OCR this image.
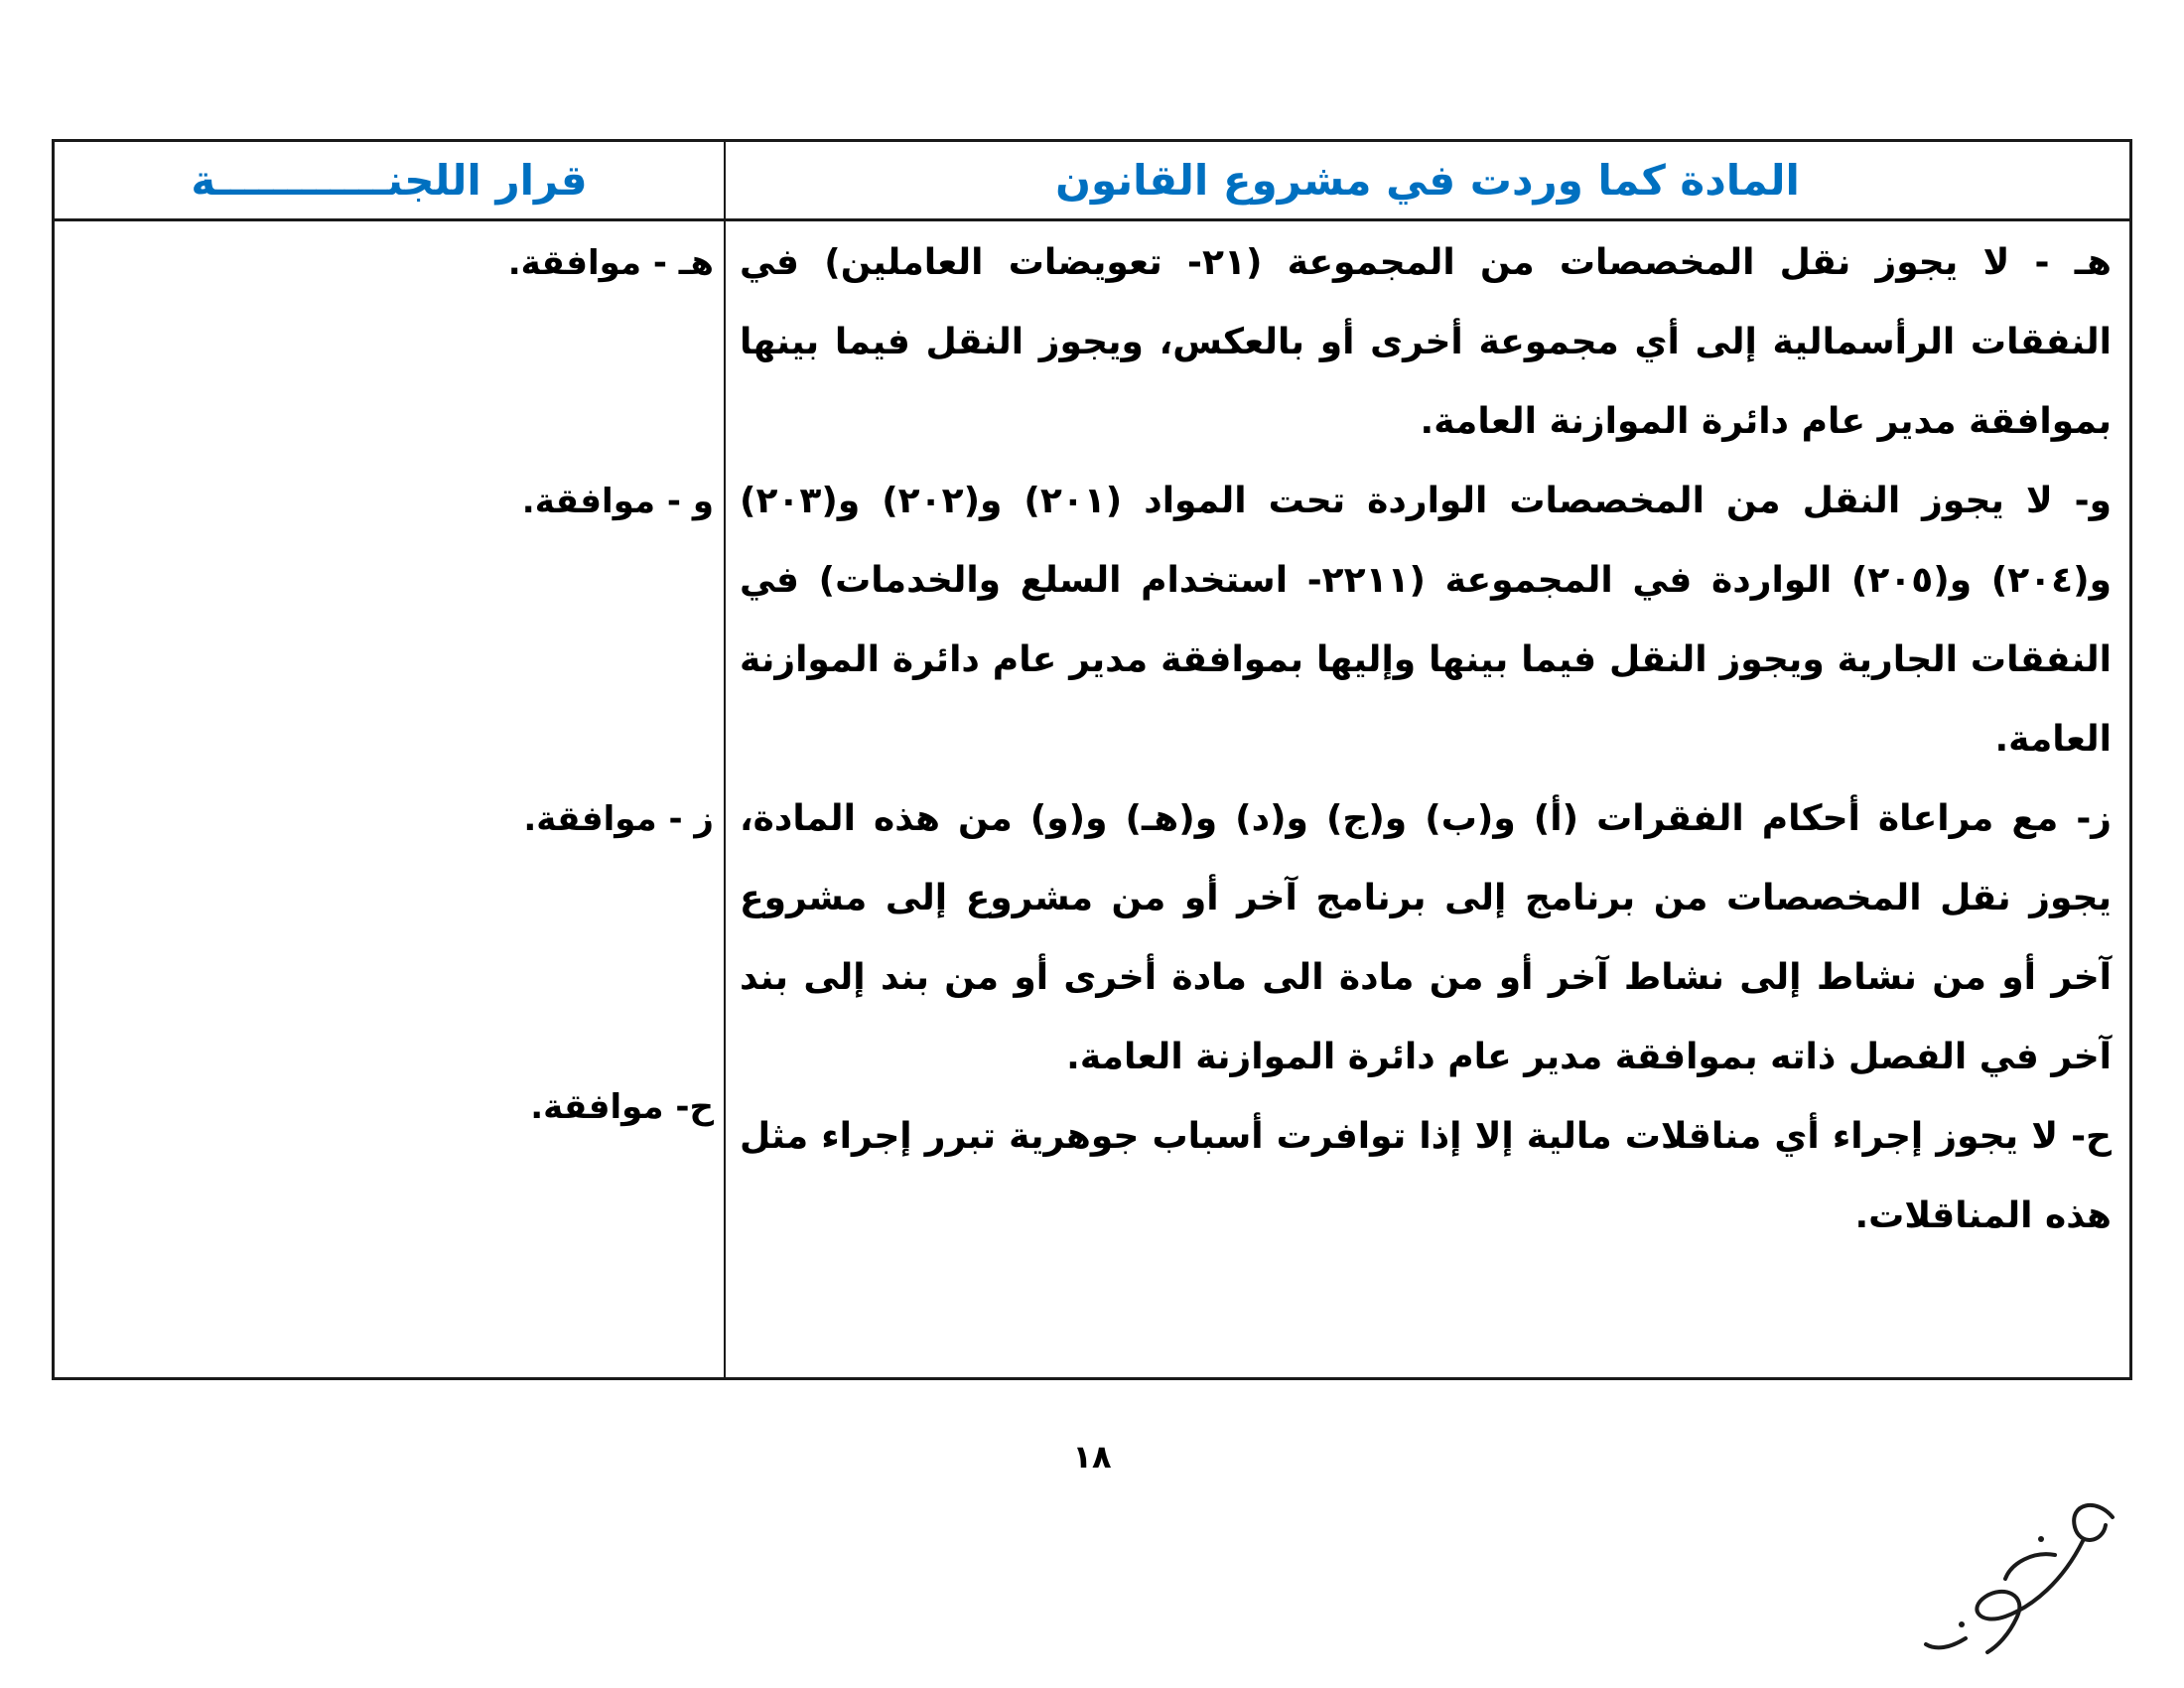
المادة كما وردت في مشروع القانون
قرار اللجنــــــــــــة

هـ - لا يجوز نقل المخصصات من المجموعة (٢١- تعويضات العاملين) في النفقات الرأسمالية إلى أي مجموعة أخرى أو بالعكس، ويجوز النقل فيما بينها بموافقة مدير عام دائرة الموازنة العامة.

و- لا يجوز النقل من المخصصات الواردة تحت المواد (٢٠١) و(٢٠٢) و(٢٠٣) و(٢٠٤) و(٢٠٥) الواردة في المجموعة (٢٢١١- استخدام السلع والخدمات) في النفقات الجارية ويجوز النقل فيما بينها وإليها بموافقة مدير عام دائرة الموازنة العامة.

ز- مع مراعاة أحكام الفقرات (أ) و(ب) و(ج) و(د) و(هـ) و(و) من هذه المادة، يجوز نقل المخصصات من برنامج إلى برنامج آخر أو من مشروع إلى مشروع آخر أو من نشاط إلى نشاط آخر أو من مادة الى مادة أخرى أو من بند إلى بند آخر في الفصل ذاته بموافقة مدير عام دائرة الموازنة العامة.

ح- لا يجوز إجراء أي مناقلات مالية إلا إذا توافرت أسباب جوهرية تبرر إجراء مثل هذه المناقلات.

هـ - موافقة.
و - موافقة.
ز - موافقة.
ح- موافقة.
١٨
